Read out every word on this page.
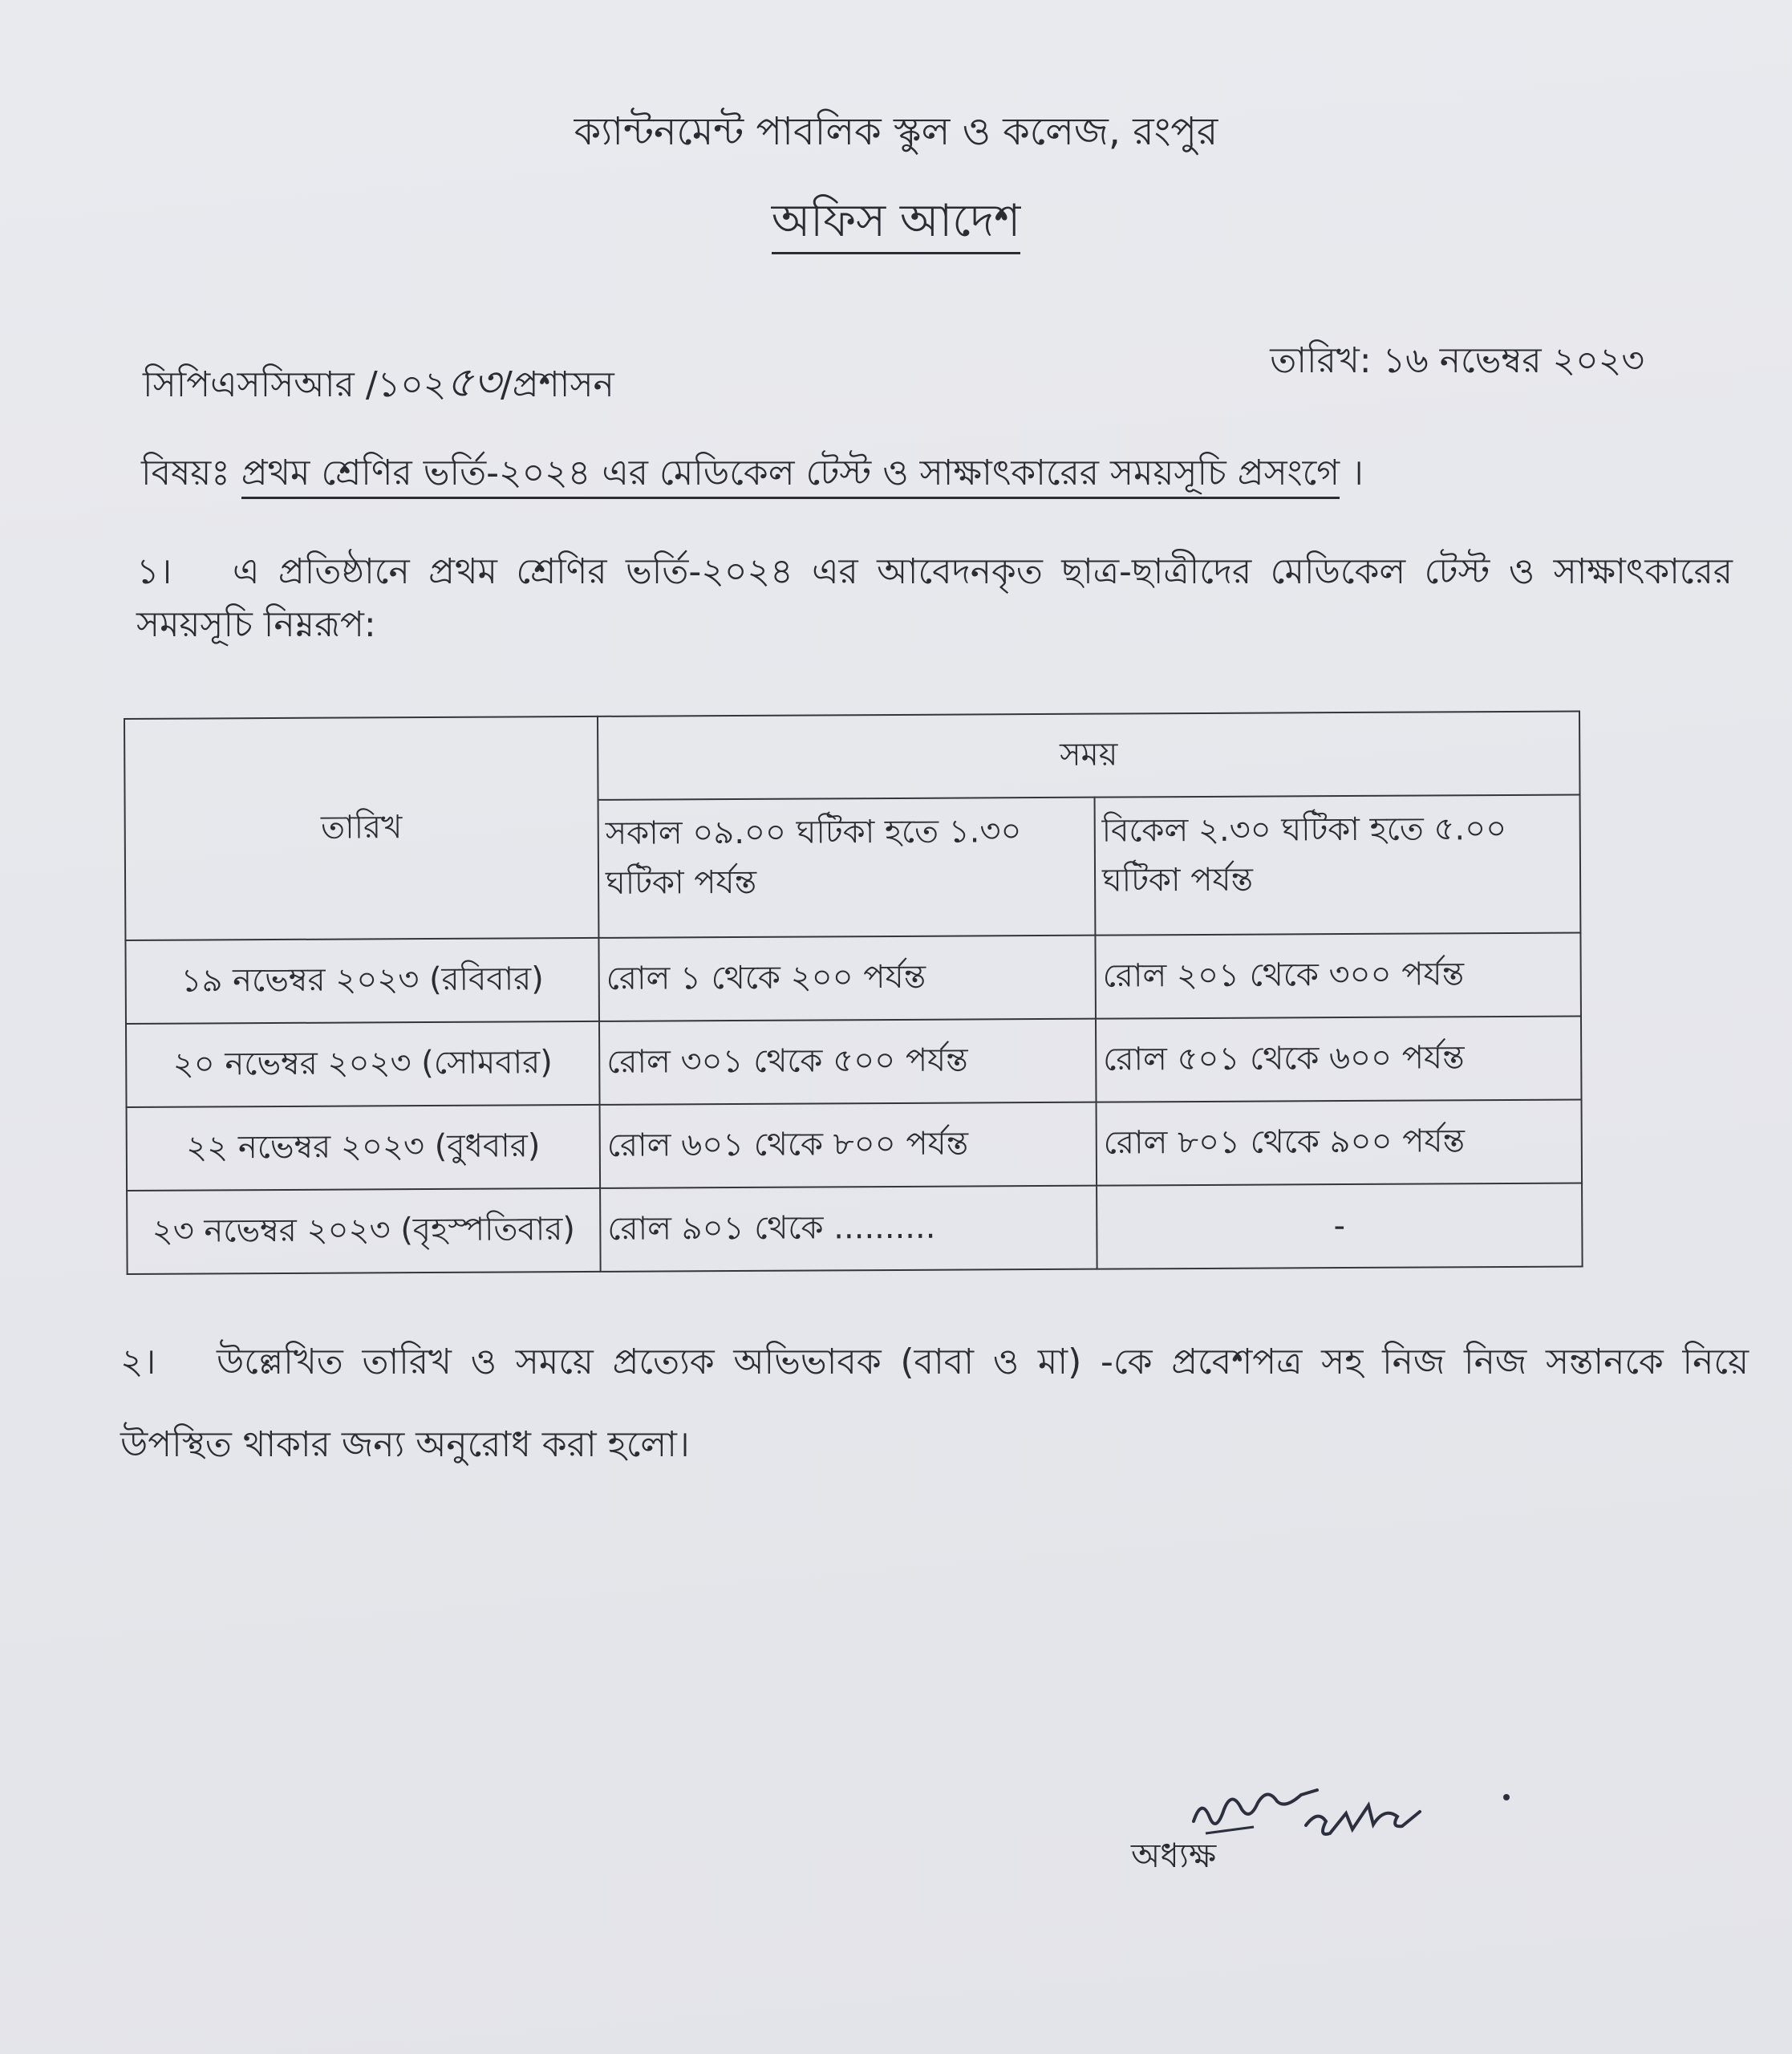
ক্যান্টনমেন্ট পাবলিক স্কুল ও কলেজ, রংপুর
অফিস আদেশ
সিপিএসসিআর /১০২৫৩/প্রশাসন
তারিখ: ১৬ নভেম্বর ২০২৩
বিষয়ঃ প্রথম শ্রেণির ভর্তি-২০২৪ এর মেডিকেল টেস্ট ও সাক্ষাৎকারের সময়সূচি প্রসংগে ।
১। এ প্রতিষ্ঠানে প্রথম শ্রেণির ভর্তি-২০২৪ এর আবেদনকৃত ছাত্র-ছাত্রীদের মেডিকেল টেস্ট ও সাক্ষাৎকারের সময়সূচি নিম্নরূপ:
তারিখ	সময়	
	সকাল ০৯.০০ ঘটিকা হতে ১.৩০ ঘটিকা পর্যন্ত	বিকেল ২.৩০ ঘটিকা হতে ৫.০০ ঘটিকা পর্যন্ত
১৯ নভেম্বর ২০২৩ (রবিবার)	রোল ১ থেকে ২০০ পর্যন্ত	রোল ২০১ থেকে ৩০০ পর্যন্ত
২০ নভেম্বর ২০২৩ (সোমবার)	রোল ৩০১ থেকে ৫০০ পর্যন্ত	রোল ৫০১ থেকে ৬০০ পর্যন্ত
২২ নভেম্বর ২০২৩ (বুধবার)	রোল ৬০১ থেকে ৮০০ পর্যন্ত	রোল ৮০১ থেকে ৯০০ পর্যন্ত
২৩ নভেম্বর ২০২৩ (বৃহস্পতিবার)	রোল ৯০১ থেকে ..........	-
২। উল্লেখিত তারিখ ও সময়ে প্রত্যেক অভিভাবক (বাবা ও মা) -কে প্রবেশপত্র সহ নিজ নিজ সন্তানকে নিয়ে উপস্থিত থাকার জন্য অনুরোধ করা হলো।
অধ্যক্ষ
